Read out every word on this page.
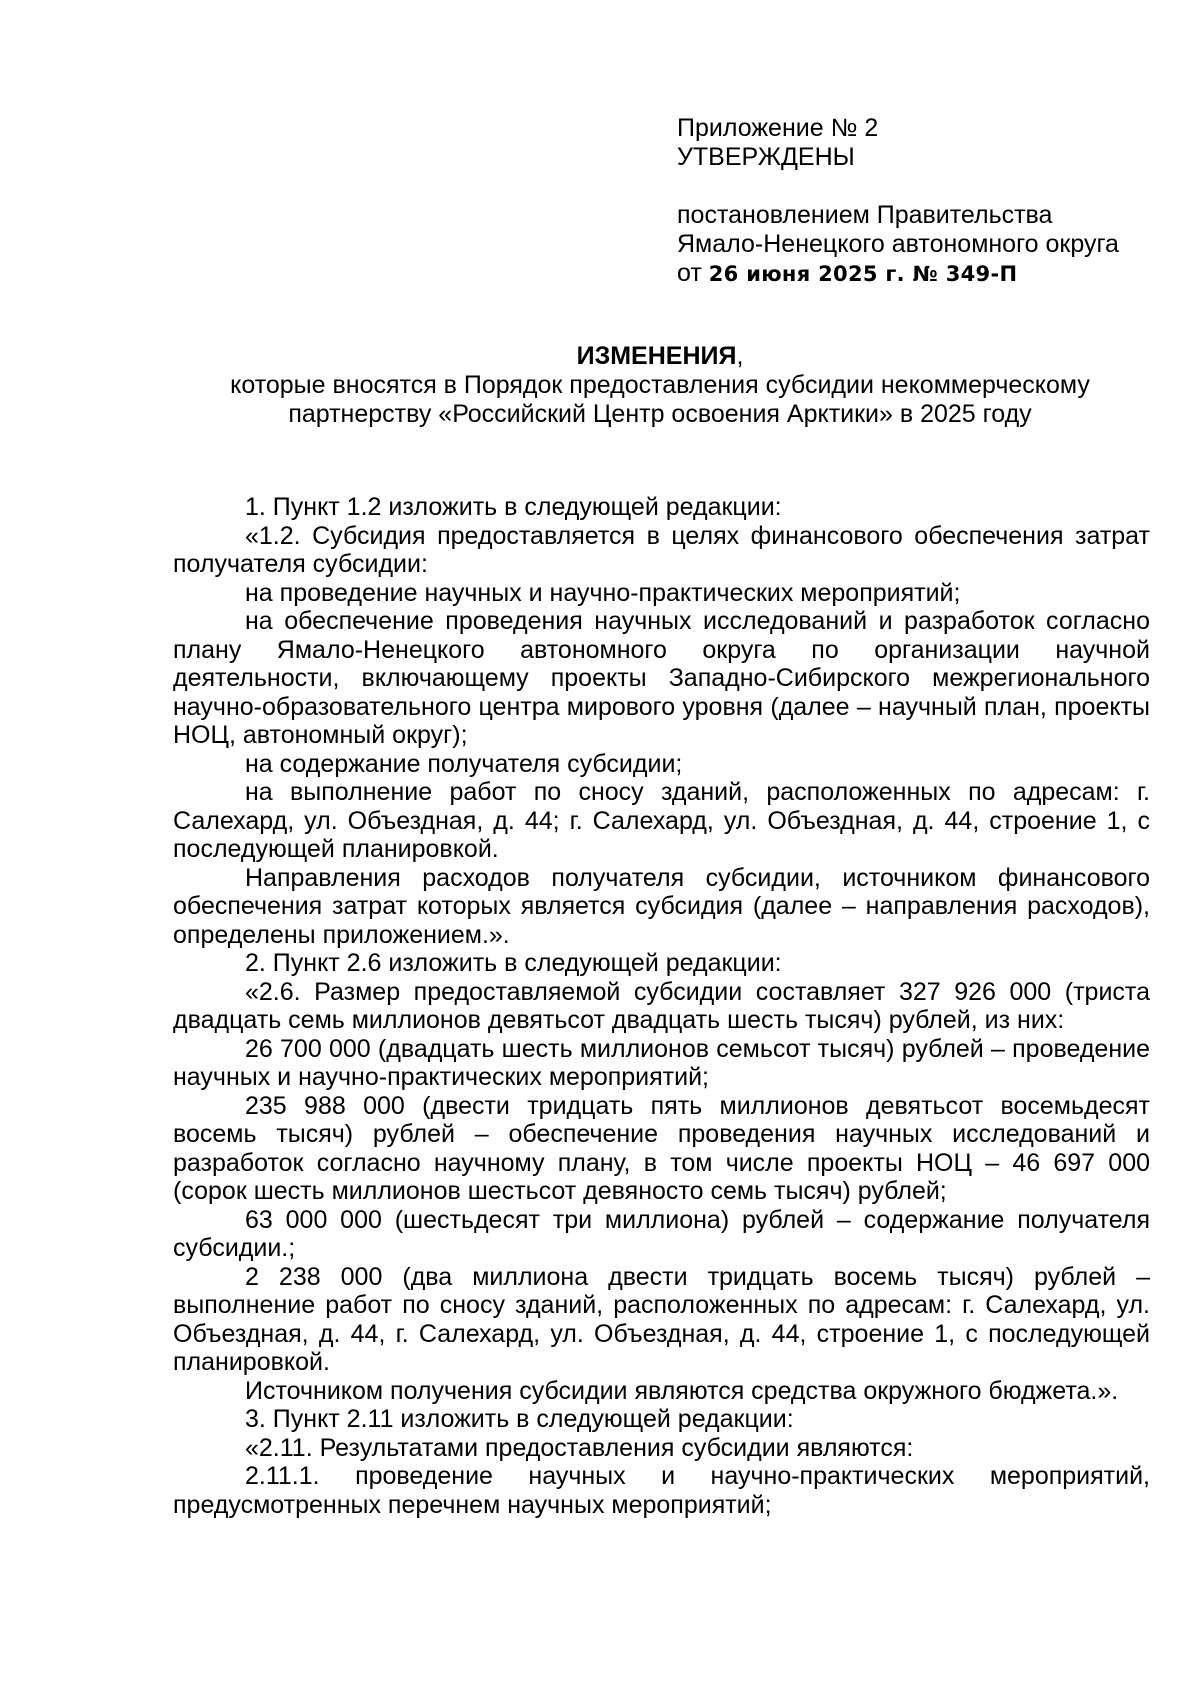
Приложение № 2
УТВЕРЖДЕНЫ
постановлением Правительства
Ямало-Ненецкого автономного округа
от 26 июня 2025 г. № 349-П
ИЗМЕНЕНИЯ,
которые вносятся в Порядок предоставления субсидии некоммерческому
партнерству «Российский Центр освоения Арктики» в 2025 году

1. Пункт 1.2 изложить в следующей редакции:

«1.2. Субсидия предоставляется в целях финансового обеспечения затрат получателя субсидии:

на проведение научных и научно-практических мероприятий;

на обеспечение проведения научных исследований и разработок согласно плану Ямало-Ненецкого автономного округа по организации научной деятельности, включающему проекты Западно-Сибирского межрегионального научно-образовательного центра мирового уровня (далее – научный план, проекты НОЦ, автономный округ);

на содержание получателя субсидии;

на выполнение работ по сносу зданий, расположенных по адресам: г. Салехард, ул. Объездная, д. 44; г. Салехард, ул. Объездная, д. 44, строение 1, с последующей планировкой.

Направления расходов получателя субсидии, источником финансового обеспечения затрат которых является субсидия (далее – направления расходов), определены приложением.».

2. Пункт 2.6 изложить в следующей редакции:

«2.6. Размер предоставляемой субсидии составляет 327 926 000 (триста двадцать семь миллионов девятьсот двадцать шесть тысяч) рублей, из них:

26 700 000 (двадцать шесть миллионов семьсот тысяч) рублей – проведение научных и научно-практических мероприятий;

235 988 000 (двести тридцать пять миллионов девятьсот восемьдесят восемь тысяч) рублей – обеспечение проведения научных исследований и разработок согласно научному плану, в том числе проекты НОЦ – 46 697 000 (сорок шесть миллионов шестьсот девяносто семь тысяч) рублей;

63 000 000 (шестьдесят три миллиона) рублей – содержание получателя субсидии.;

2 238 000 (два миллиона двести тридцать восемь тысяч) рублей – выполнение работ по сносу зданий, расположенных по адресам: г. Салехард, ул. Объездная, д. 44, г. Салехард, ул. Объездная, д. 44, строение 1, с последующей планировкой.

Источником получения субсидии являются средства окружного бюджета.».

3. Пункт 2.11 изложить в следующей редакции:

«2.11. Результатами предоставления субсидии являются:

2.11.1. проведение научных и научно-практических мероприятий, предусмотренных перечнем научных мероприятий;
